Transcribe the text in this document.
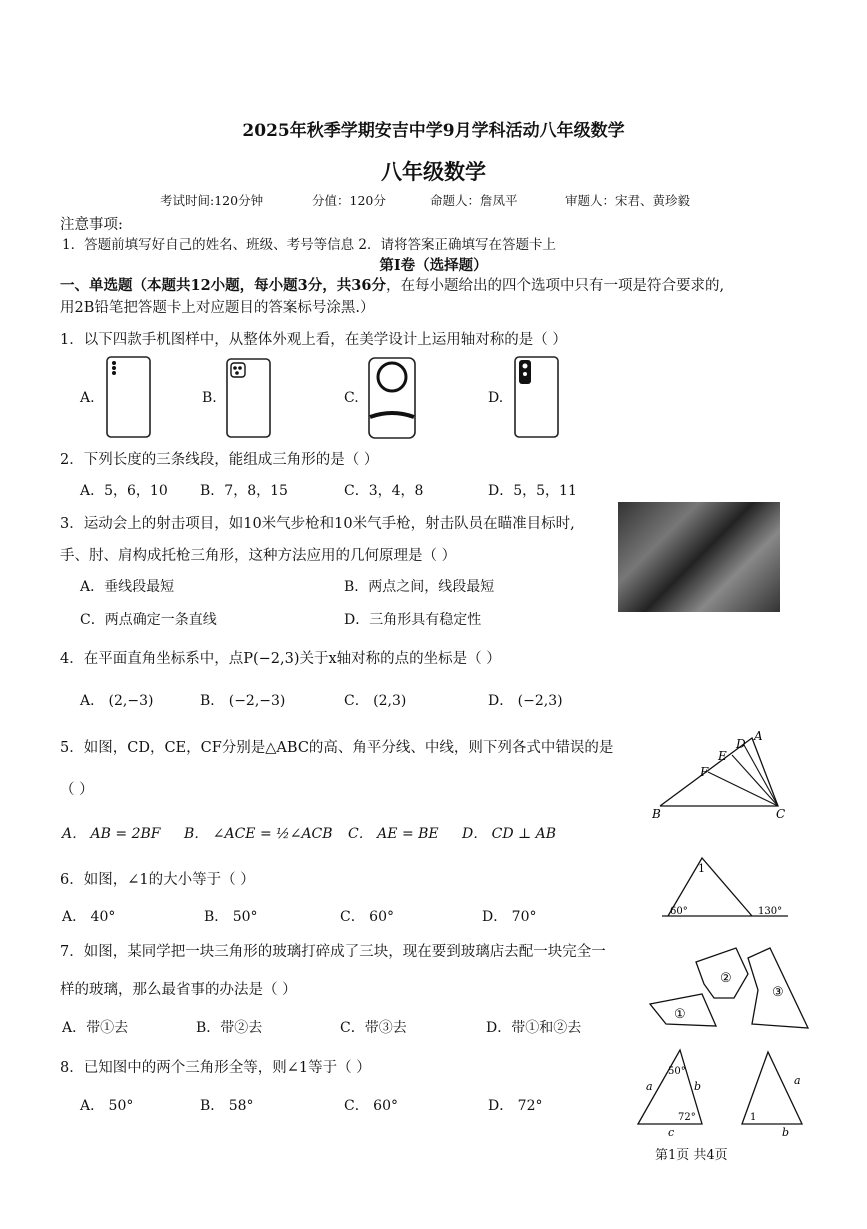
2025年秋季学期安吉中学9月学科活动八年级数学
八年级数学
考试时间:120分钟	分值：120分	命题人：詹凤平	审题人：宋君、黄珍毅
注意事项:
1．答题前填写好自己的姓名、班级、考号等信息 2．请将答案正确填写在答题卡上
第I卷（选择题）
一、单选题（本题共12小题，每小题3分，共36分，在每小题给出的四个选项中只有一项是符合要求的,
用2B铅笔把答题卡上对应题目的答案标号涂黑.）
1．以下四款手机图样中，从整体外观上看，在美学设计上运用轴对称的是（ ）
A.	B.	C.	D.
2．下列长度的三条线段，能组成三角形的是（ ）
A．5，6，10 B．7，8，15	C．3，4，8	D．5，5，11
3．运动会上的射击项目，如10米气步枪和10米气手枪，射击队员在瞄准目标时,
手、肘、肩构成托枪三角形，这种方法应用的几何原理是（ ）
A．垂线段最短	B．两点之间，线段最短
C．两点确定一条直线	D．三角形具有稳定性
4．在平面直角坐标系中，点P(−2,3)关于x轴对称的点的坐标是（ ）
A． (2,−3)	B． (−2,−3)	C． (2,3)	D． (−2,3)
5．如图，CD，CE，CF分别是△ABC的高、角平分线、中线，则下列各式中错误的是
（ ）
A． AB = 2BF B． ∠ACE = ½∠ACB C． AE = BE D． CD ⊥ AB
B	C
A
D
E
F
6．如图，∠1的大小等于（ ）
A． 40°	B． 50°	C． 60°	D． 70°
1
60°	130°
7．如图，某同学把一块三角形的玻璃打碎成了三块，现在要到玻璃店去配一块完全一
样的玻璃，那么最省事的办法是（ ）
A．带①去	B．带②去	C．带③去	D．带①和②去
①
②
③
8．已知图中的两个三角形全等，则∠1等于（ ）
A． 50°	B． 58°	C． 60°	D． 72°
a	b
c
50°
72°
a
b
1
第1页 共4页
